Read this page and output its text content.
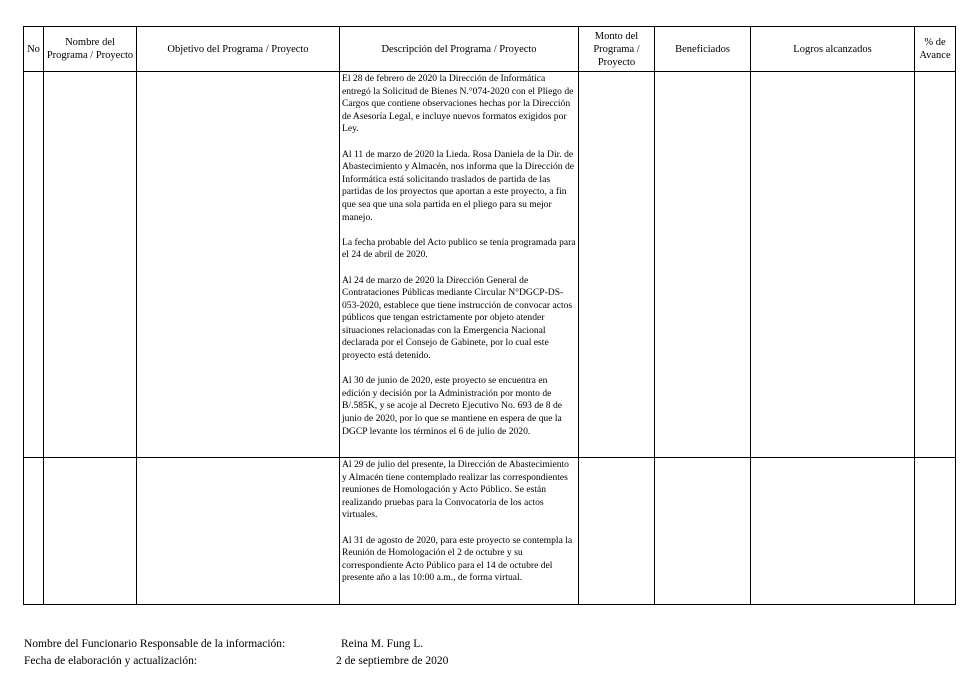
No	Nombre del Programa / Proyecto	Objetivo del Programa / Proyecto	Descripción del Programa / Proyecto	Monto del Programa / Proyecto	Beneficiados	Logros alcanzados	% de Avance

			El 28 de febrero de 2020 la Dirección de Informática entregó la Solicitud de Bienes N.°074-2020 con el Pliego de Cargos que contiene observaciones hechas por la Dirección de Asesoría Legal, e incluye nuevos formatos exigidos por Ley.

Al 11 de marzo de 2020 la Lieda. Rosa Daniela de la Dir. de Abastecimiento y Almacén, nos informa que la Dirección de Informática está solicitando traslados de partida de las partidas de los proyectos que aportan a este proyecto, a fin que sea que una sola partida en el pliego para su mejor manejo.

La fecha probable del Acto publico se tenía programada para el 24 de abril de 2020.

Al 24 de marzo de 2020 la Dirección General de Contrataciones Públicas mediante Circular N°DGCP-DS-053-2020, establece que tiene instrucción de convocar actos públicos que tengan estrictamente por objeto atender situaciones relacionadas con la Emergencia Nacional declarada por el Consejo de Gabinete, por lo cual este proyecto está detenido.

Al 30 de junio de 2020, este proyecto se encuentra en edición y decisión por la Administración por monto de B/.585K, y se acoje al Decreto Ejecutivo No. 693 de 8 de junio de 2020, por lo que se mantiene en espera de que la DGCP levante los términos el 6 de julio de 2020.				

			Al 29 de julio del presente, la Dirección de Abastecimiento y Almacén tiene contemplado realizar las correspondientes reuniones de Homologación y Acto Público. Se están realizando pruebas para la Convocatoria de los actos virtuales.

Al 31 de agosto de 2020, para este proyecto se contempla la Reunión de Homologación el 2 de octubre y su correspondiente Acto Público para el 14 de octubre del presente año a las 10:00 a.m., de forma virtual.				

Nombre del Funcionario Responsable de la información:	Reina M. Fung L.
Fecha de elaboración y actualización:	2 de septiembre de 2020
